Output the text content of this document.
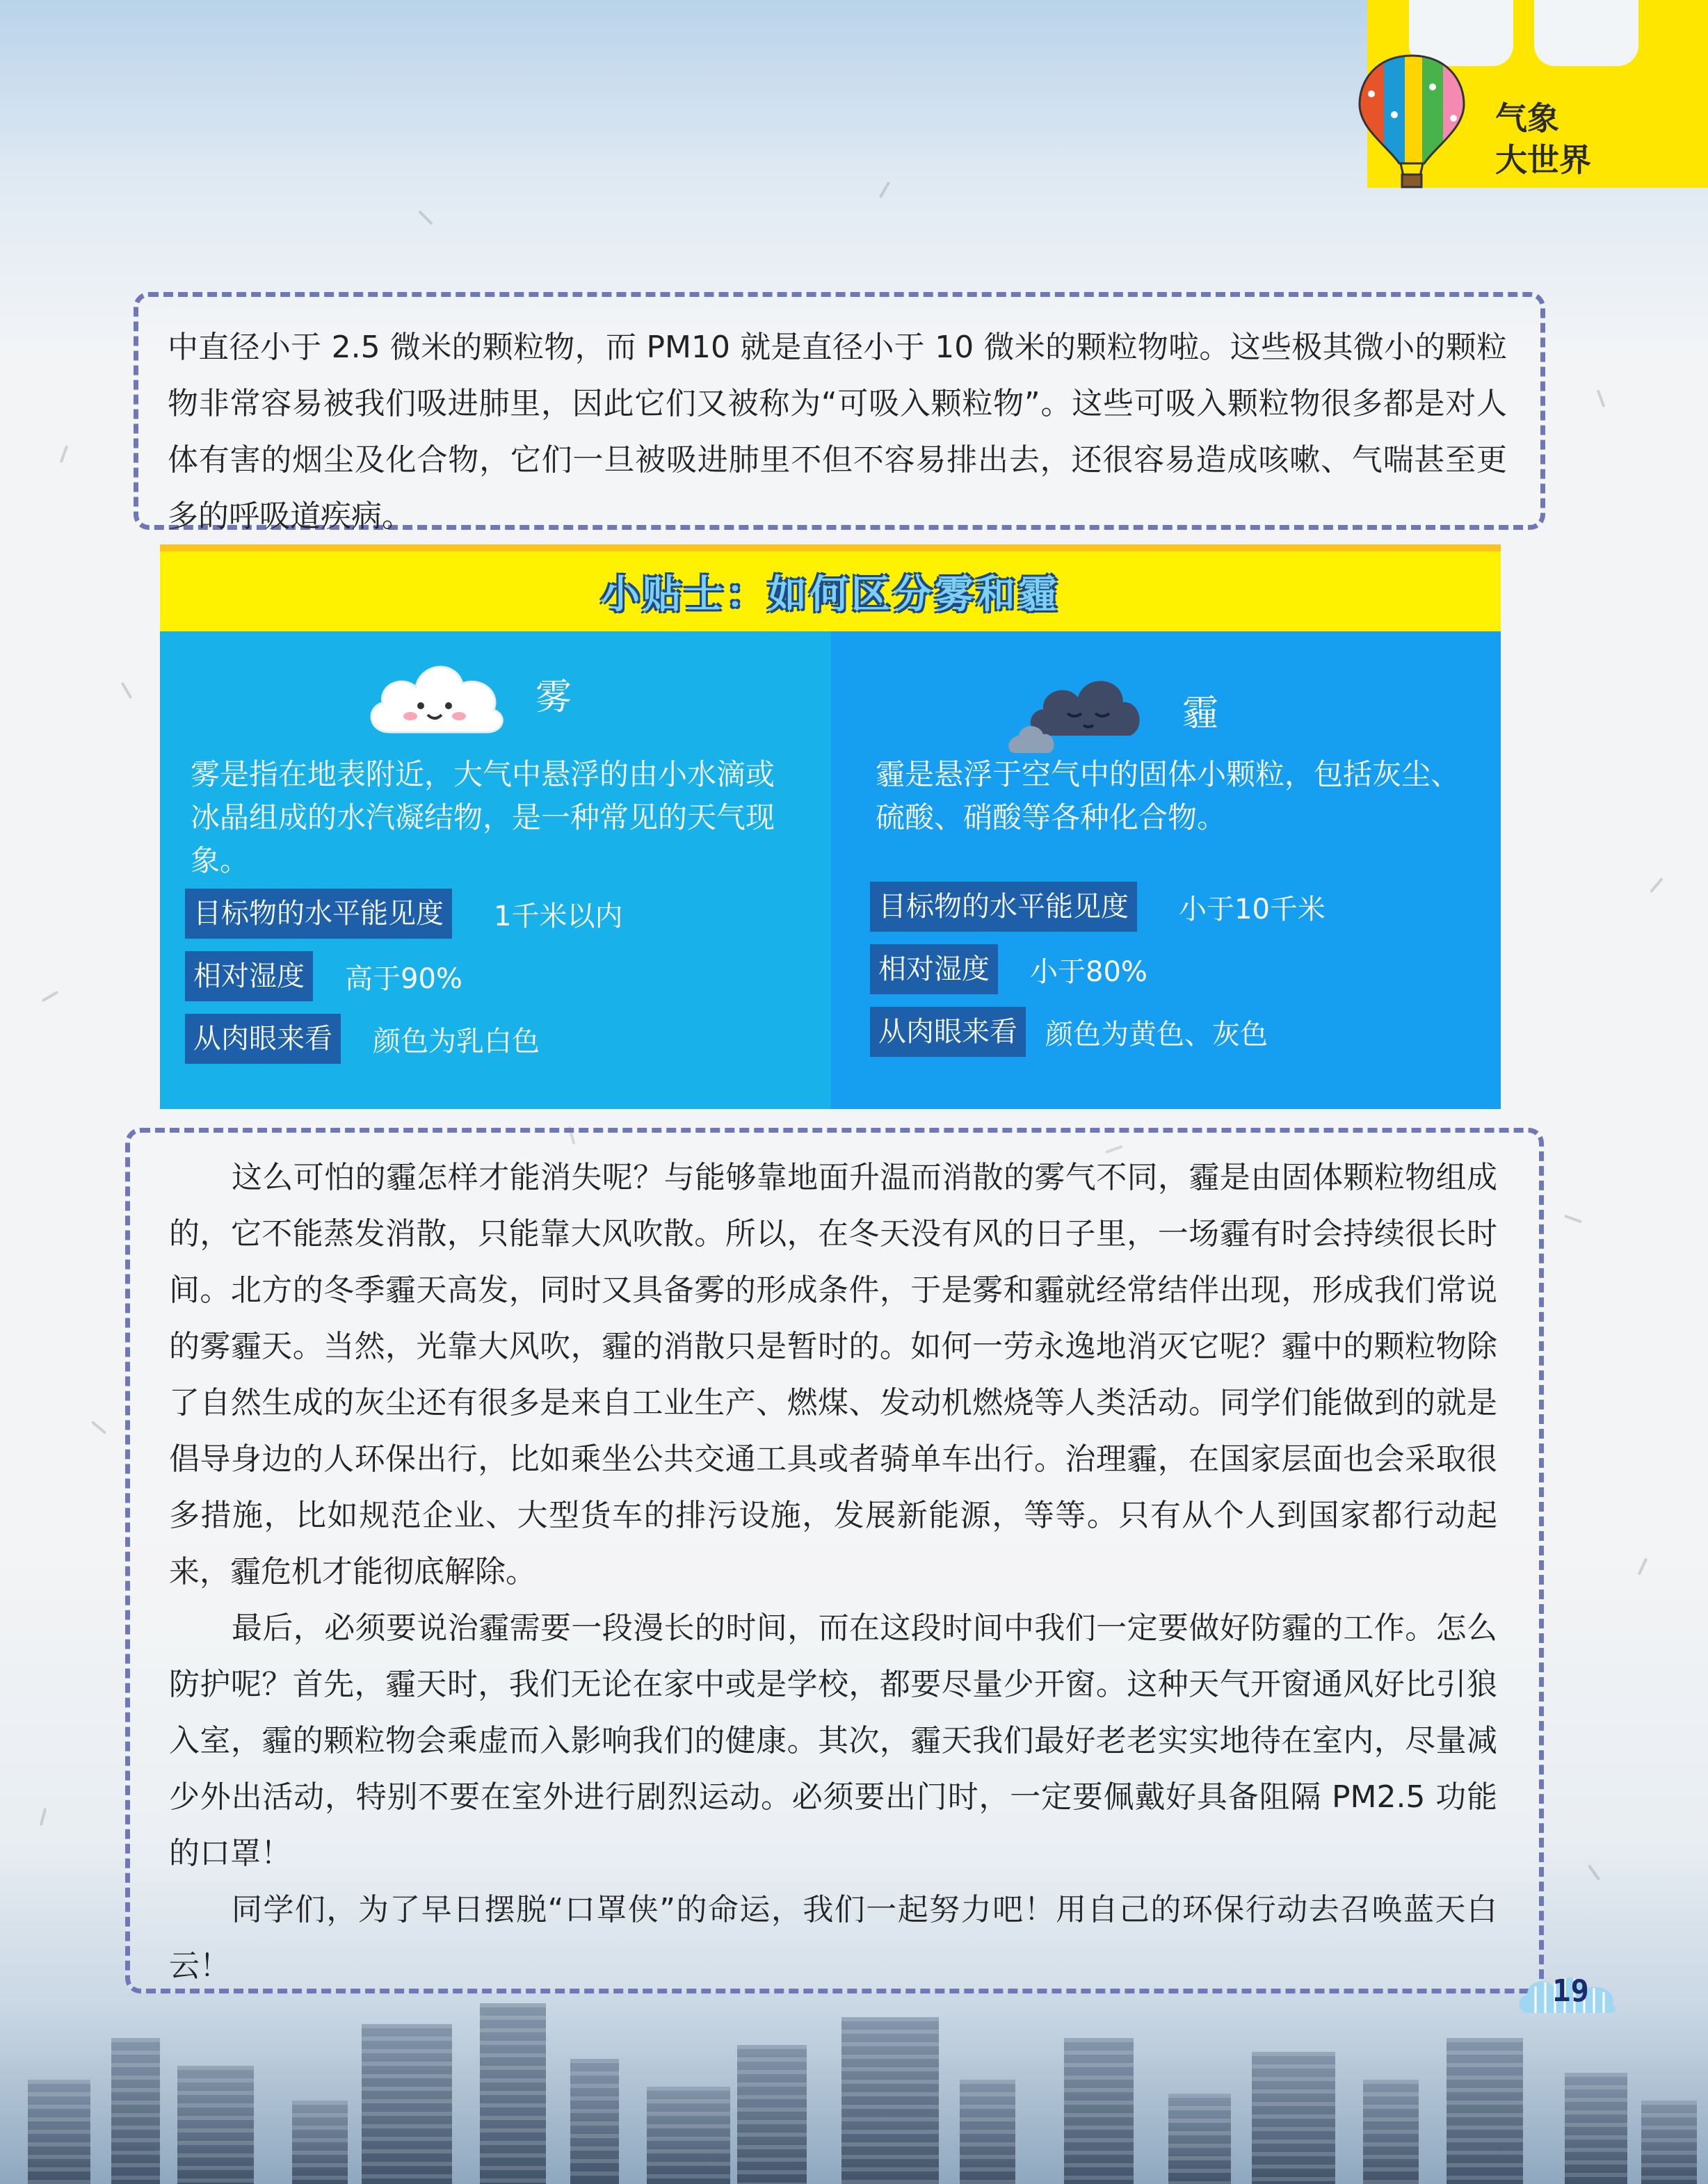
气象
大世界

中直径小于 2.5 微米的颗粒物，而 PM10 就是直径小于 10 微米的颗粒物啦。这些极其微小的颗粒物非常容易被我们吸进肺里，因此它们又被称为“可吸入颗粒物”。这些可吸入颗粒物很多都是对人体有害的烟尘及化合物，它们一旦被吸进肺里不但不容易排出去，还很容易造成咳嗽、气喘甚至更多的呼吸道疾病。

小贴士：如何区分雾和霾
雾

雾是指在地表附近，大气中悬浮的由小水滴或冰晶组成的水汽凝结物，是一种常见的天气现象。

目标物的水平能见度	1千米以内
相对湿度	高于90%
从肉眼来看	颜色为乳白色
霾

霾是悬浮于空气中的固体小颗粒，包括灰尘、硫酸、硝酸等各种化合物。

目标物的水平能见度	小于10千米
相对湿度	小于80%
从肉眼来看	颜色为黄色、灰色

这么可怕的霾怎样才能消失呢？与能够靠地面升温而消散的雾气不同，霾是由固体颗粒物组成的，它不能蒸发消散，只能靠大风吹散。所以，在冬天没有风的日子里，一场霾有时会持续很长时间。北方的冬季霾天高发，同时又具备雾的形成条件，于是雾和霾就经常结伴出现，形成我们常说的雾霾天。当然，光靠大风吹，霾的消散只是暂时的。如何一劳永逸地消灭它呢？霾中的颗粒物除了自然生成的灰尘还有很多是来自工业生产、燃煤、发动机燃烧等人类活动。同学们能做到的就是倡导身边的人环保出行，比如乘坐公共交通工具或者骑单车出行。治理霾，在国家层面也会采取很多措施，比如规范企业、大型货车的排污设施，发展新能源，等等。只有从个人到国家都行动起来，霾危机才能彻底解除。

最后，必须要说治霾需要一段漫长的时间，而在这段时间中我们一定要做好防霾的工作。怎么防护呢？首先，霾天时，我们无论在家中或是学校，都要尽量少开窗。这种天气开窗通风好比引狼入室，霾的颗粒物会乘虚而入影响我们的健康。其次，霾天我们最好老老实实地待在室内，尽量减少外出活动，特别不要在室外进行剧烈运动。必须要出门时，一定要佩戴好具备阻隔 PM2.5 功能的口罩！

同学们，为了早日摆脱“口罩侠”的命运，我们一起努力吧！用自己的环保行动去召唤蓝天白云！

19
